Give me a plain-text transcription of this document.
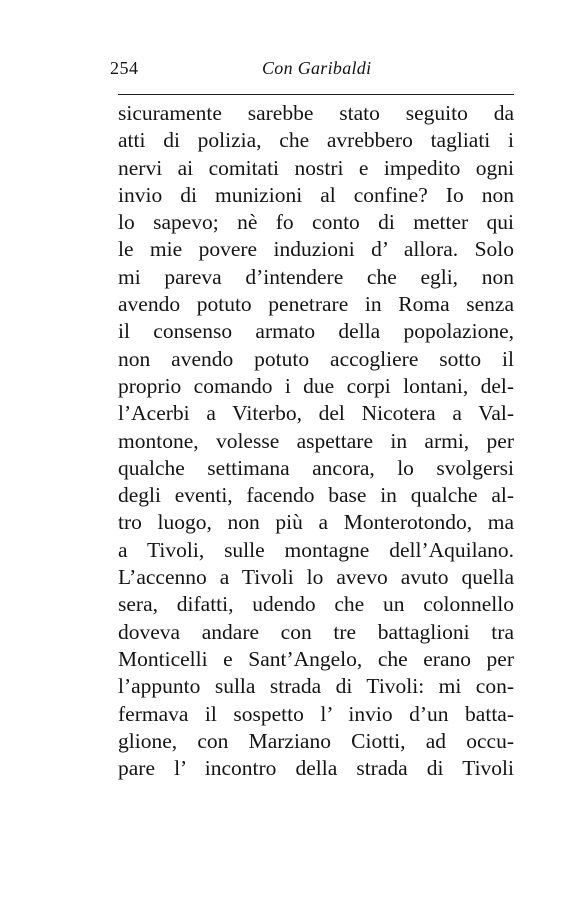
254	Con Garibaldi
sicuramente sarebbe stato seguito da
atti di polizia, che avrebbero tagliati i
nervi ai comitati nostri e impedito ogni
invio di munizioni al confine? Io non
lo sapevo; nè fo conto di metter qui
le mie povere induzioni d’ allora. Solo
mi pareva d’intendere che egli, non
avendo potuto penetrare in Roma senza
il consenso armato della popolazione,
non avendo potuto accogliere sotto il
proprio comando i due corpi lontani, del-
l’Acerbi a Viterbo, del Nicotera a Val-
montone, volesse aspettare in armi, per
qualche settimana ancora, lo svolgersi
degli eventi, facendo base in qualche al-
tro luogo, non più a Monterotondo, ma
a Tivoli, sulle montagne dell’Aquilano.
L’accenno a Tivoli lo avevo avuto quella
sera, difatti, udendo che un colonnello
doveva andare con tre battaglioni tra
Monticelli e Sant’Angelo, che erano per
l’appunto sulla strada di Tivoli: mi con-
fermava il sospetto l’ invio d’un batta-
glione, con Marziano Ciotti, ad occu-
pare l’ incontro della strada di Tivoli
